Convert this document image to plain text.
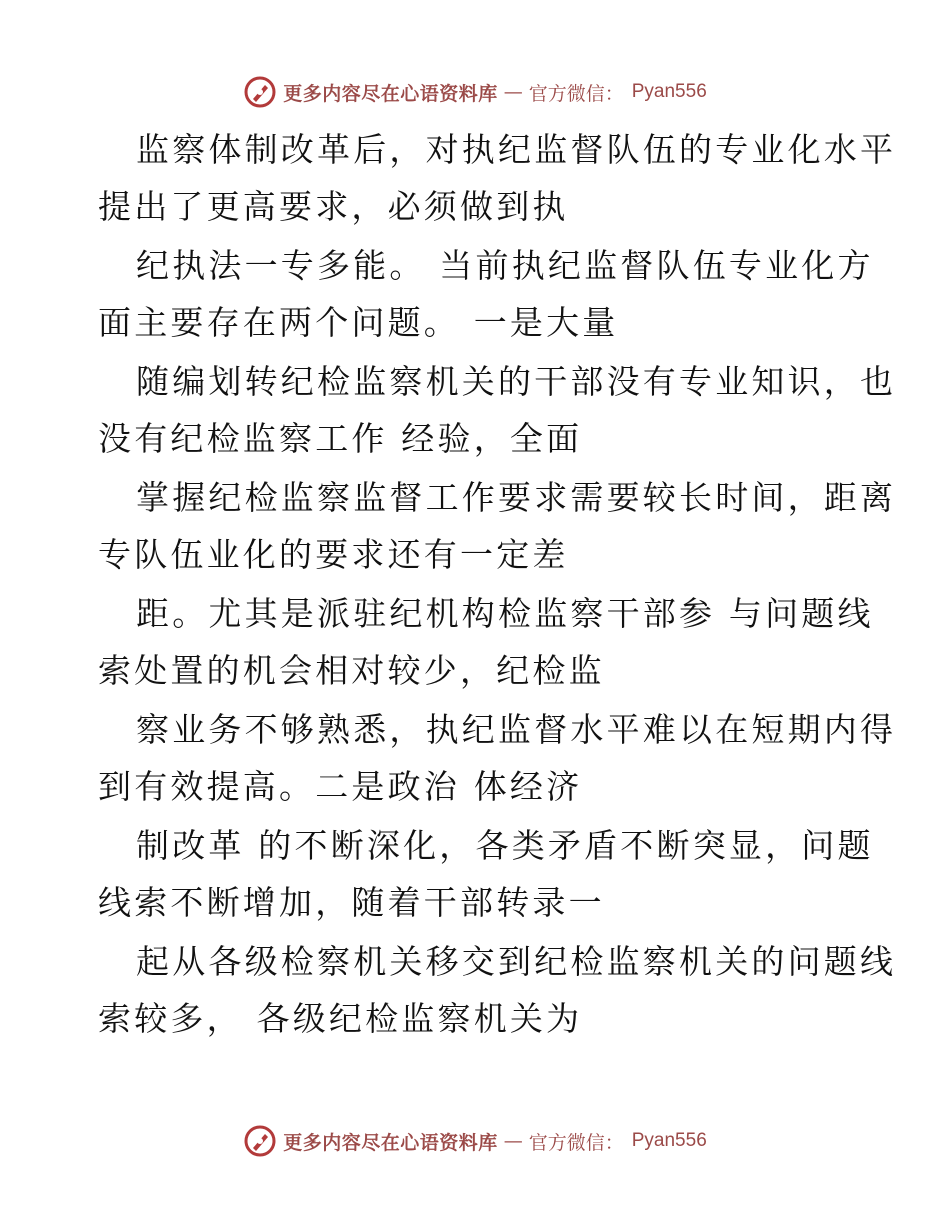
更多内容尽在心语资料库 — 官方微信： Pyan556
监察体制改革后，对执纪监督队伍的专业化水平
提出了更高要求，必须做到执
纪执法一专多能。 当前执纪监督队伍专业化方
面主要存在两个问题。 一是大量
随编划转纪检监察机关的干部没有专业知识，也
没有纪检监察工作 经验，全面
掌握纪检监察监督工作要求需要较长时间，距离
专队伍业化的要求还有一定差
距。尤其是派驻纪机构检监察干部参 与问题线
索处置的机会相对较少，纪检监
察业务不够熟悉，执纪监督水平难以在短期内得
到有效提高。二是政治 体经济
制改革 的不断深化，各类矛盾不断突显，问题
线索不断增加，随着干部转录一
起从各级检察机关移交到纪检监察机关的问题线
索较多， 各级纪检监察机关为
更多内容尽在心语资料库 — 官方微信： Pyan556
